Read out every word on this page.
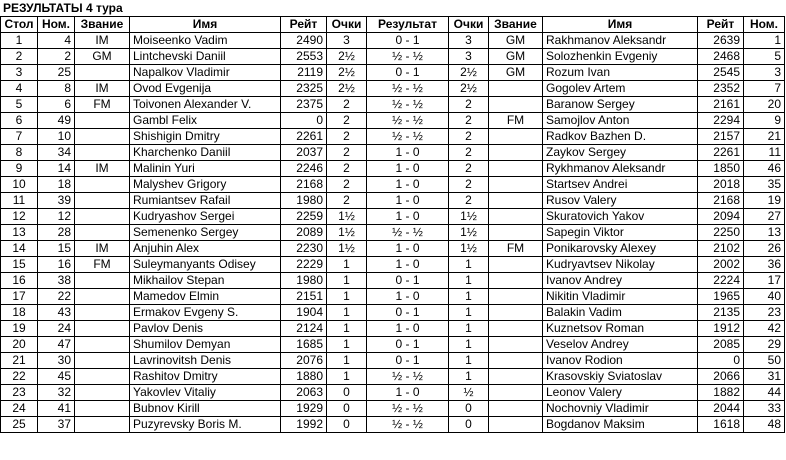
РЕЗУЛЬТАТЫ 4 тура
Стол	Ном.	Звание	Имя	Рейт	Очки	Результат	Очки	Звание	Имя	Рейт	Ном.
1	4	IM	Moiseenko Vadim	2490	3	0 - 1	3	GM	Rakhmanov Aleksandr	2639	1
2	2	GM	Lintchevski Daniil	2553	2½	½ - ½	3	GM	Solozhenkin Evgeniy	2468	5
3	25		Napalkov Vladimir	2119	2½	0 - 1	2½	GM	Rozum Ivan	2545	3
4	8	IM	Ovod Evgenija	2325	2½	½ - ½	2½		Gogolev Artem	2352	7
5	6	FM	Toivonen Alexander V.	2375	2	½ - ½	2		Baranow Sergey	2161	20
6	49		Gambl Felix	0	2	½ - ½	2	FM	Samojlov Anton	2294	9
7	10		Shishigin Dmitry	2261	2	½ - ½	2		Radkov Bazhen D.	2157	21
8	34		Kharchenko Daniil	2037	2	1 - 0	2		Zaykov Sergey	2261	11
9	14	IM	Malinin Yuri	2246	2	1 - 0	2		Rykhmanov Aleksandr	1850	46
10	18		Malyshev Grigory	2168	2	1 - 0	2		Startsev Andrei	2018	35
11	39		Rumiantsev Rafail	1980	2	1 - 0	2		Rusov Valery	2168	19
12	12		Kudryashov Sergei	2259	1½	1 - 0	1½		Skuratovich Yakov	2094	27
13	28		Semenenko Sergey	2089	1½	½ - ½	1½		Sapegin Viktor	2250	13
14	15	IM	Anjuhin Alex	2230	1½	1 - 0	1½	FM	Ponikarovsky Alexey	2102	26
15	16	FM	Suleymanyants Odisey	2229	1	1 - 0	1		Kudryavtsev Nikolay	2002	36
16	38		Mikhailov Stepan	1980	1	0 - 1	1		Ivanov Andrey	2224	17
17	22		Mamedov Elmin	2151	1	1 - 0	1		Nikitin Vladimir	1965	40
18	43		Ermakov Evgeny S.	1904	1	0 - 1	1		Balakin Vadim	2135	23
19	24		Pavlov Denis	2124	1	1 - 0	1		Kuznetsov Roman	1912	42
20	47		Shumilov Demyan	1685	1	0 - 1	1		Veselov Andrey	2085	29
21	30		Lavrinovitsh Denis	2076	1	0 - 1	1		Ivanov Rodion	0	50
22	45		Rashitov Dmitry	1880	1	½ - ½	1		Krasovskiy Sviatoslav	2066	31
23	32		Yakovlev Vitaliy	2063	0	1 - 0	½		Leonov Valery	1882	44
24	41		Bubnov Kirill	1929	0	½ - ½	0		Nochovniy Vladimir	2044	33
25	37		Puzyrevsky Boris M.	1992	0	½ - ½	0		Bogdanov Maksim	1618	48
